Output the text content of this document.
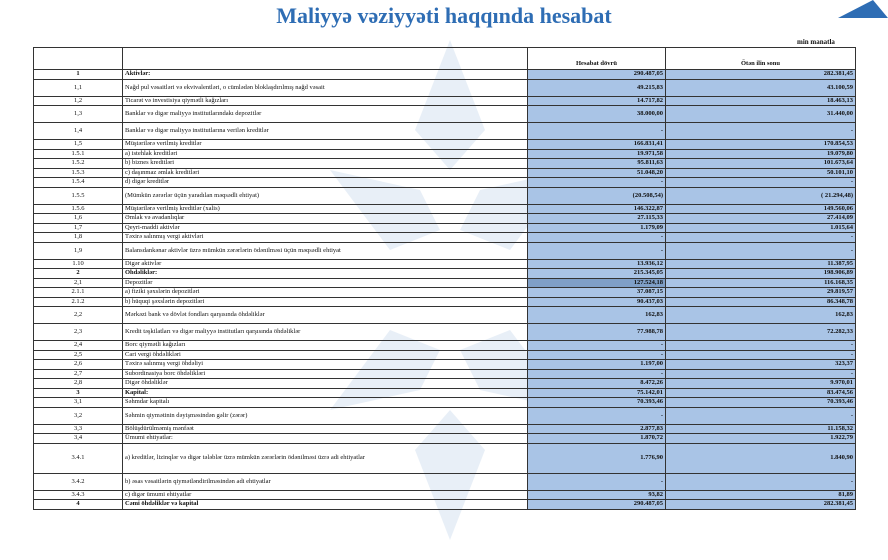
Maliyyə vəziyyəti haqqında hesabat
min manatla
		Hesabat dövrü	Ötən ilin sonu
1	Aktivlər:	290.487,05	282.381,45
1,1	Nağd pul vəsaitləri və ekvivalentləri, o cümlədən bloklaşdırılmış nağd vəsait	49.215,83	43.100,59
1,2	Ticarət və investisiya qiymətli kağızları	14.717,82	18.463,13
1,3	Banklar və digər maliyyə institutlarındakı depozitlər	38.000,00	31.440,00
1,4	Banklar və digər maliyyə institutlarına verilən kreditlər	-	-
1,5	Müştərilərə verilmiş kreditlər	166.831,41	170.854,53
1.5.1	a) istehlak kreditləri	19.971,58	19.079,80
1.5.2	b) biznes kreditləri	95.811,63	101.673,64
1.5.3	c) daşınmaz əmlak kreditləri	51.048,20	50.101,10
1.5.4	d) digər kreditlər	-	-
1.5.5	(Mümkün zərərlər üçün yaradılan məqsədli ehtiyat)	(20.508,54)	( 21.294,48)
1.5.6	Müştərilərə verilmiş kreditlər (xalis)	146.322,87	149.560,06
1,6	Əmlak və avadanlıqlar	27.115,33	27.414,09
1,7	Qeyri-maddi aktivlər	1.179,09	1.015,64
1,8	Təxirə salınmış vergi aktivləri	-	-
1,9	Balansdankənar aktivlər üzrə mümkün zərərlərin ödənilməsi üçün məqsədli ehtiyat	-	-
1.10	Digər aktivlər	13.936,12	11.387,95
2	Öhdəliklər:	215.345,05	198.906,89
2,1	Depozitlər	127.524,18	116.168,35
2.1.1	a) fiziki şəxslərin depozitləri	37.087,15	29.819,57
2.1.2	b) hüquqi şəxslərin depozitləri	90.437,03	86.348,78
2,2	Mərkəzi bank və dövlət fondları qarşısında öhdəliklər	162,83	162,83
2,3	Kredit təşkilatları və digər maliyyə institutları qarşısında öhdəliklər	77.988,78	72.282,33
2,4	Borc qiymətli kağızları	-	-
2,5	Cari vergi öhdəlikləri	-	-
2,6	Təxirə salınmış vergi öhdəliyi	1.197,00	323,37
2,7	Subordinasiya borc öhdəlikləri	-	-
2,8	Digər öhdəliklər	8.472,26	9.970,01
3	Kapital:	75.142,01	83.474,56
3,1	Səhmdar kapitalı	70.393,46	70.393,46
3,2	Səhmin qiymətinin dəyişməsindən gəlir (zərər)	-	-
3,3	Bölüşdürülməmiş mənfəət	2.877,83	11.158,32
3,4	Ümumi ehtiyatlar:	1.870,72	1.922,79
3.4.1	a) kreditlər, lizinqlər və digər tələblər üzrə mümkün zərərlərin ödənilməsi üzrə adi ehtiyatlar	1.776,90	1.840,90
3.4.2	b) əsas vəsaitlərin qiymətləndirilməsindən adi ehtiyatlar	-	-
3.4.3	c) digər ümumi ehtiyatlar	93,82	81,89
4	Cəmi öhdəliklər və kapital	290.487,05	282.381,45
